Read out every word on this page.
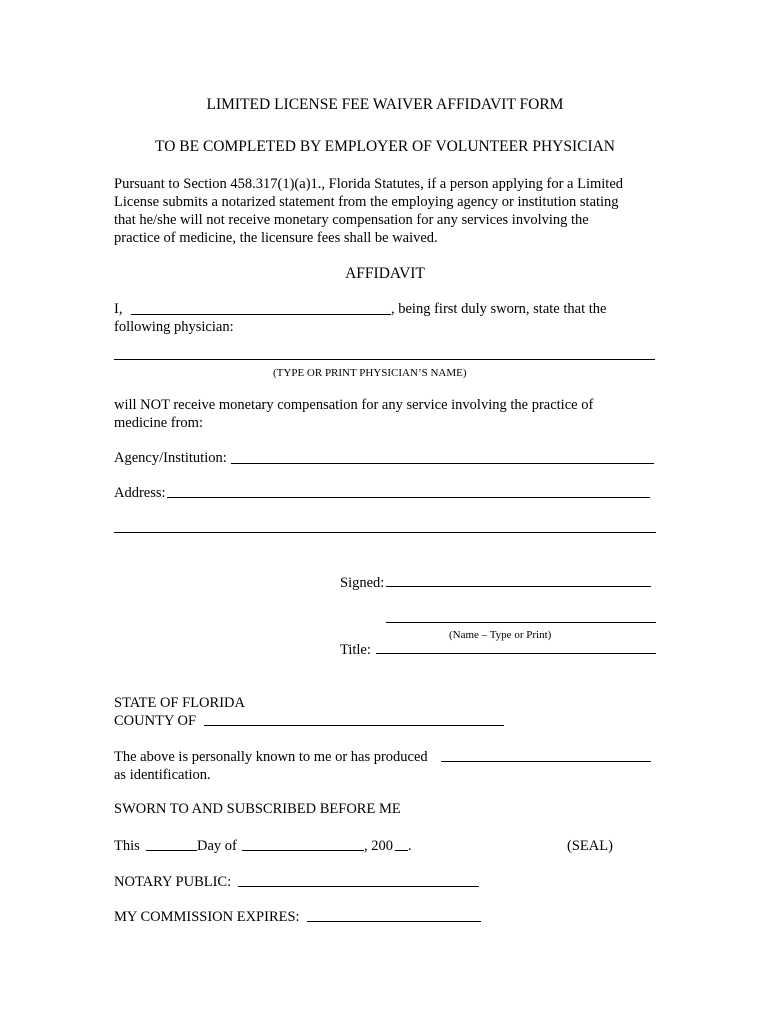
LIMITED LICENSE FEE WAIVER AFFIDAVIT FORM
TO BE COMPLETED BY EMPLOYER OF VOLUNTEER PHYSICIAN
Pursuant to Section 458.317(1)(a)1., Florida Statutes, if a person applying for a Limited
License submits a notarized statement from the employing agency or institution stating
that he/she will not receive monetary compensation for any services involving the
practice of medicine, the licensure fees shall be waived.
AFFIDAVIT
I,	, being first duly sworn, state that the
following physician:
(TYPE OR PRINT PHYSICIAN’S NAME)
will NOT receive monetary compensation for any service involving the practice of
medicine from:
Agency/Institution:
Address:
Signed:
(Name – Type or Print)
Title:
STATE OF FLORIDA
COUNTY OF
The above is personally known to me or has produced
as identification.
SWORN TO AND SUBSCRIBED BEFORE ME
This	Day of	, 200 .	(SEAL)
NOTARY PUBLIC:
MY COMMISSION EXPIRES:
